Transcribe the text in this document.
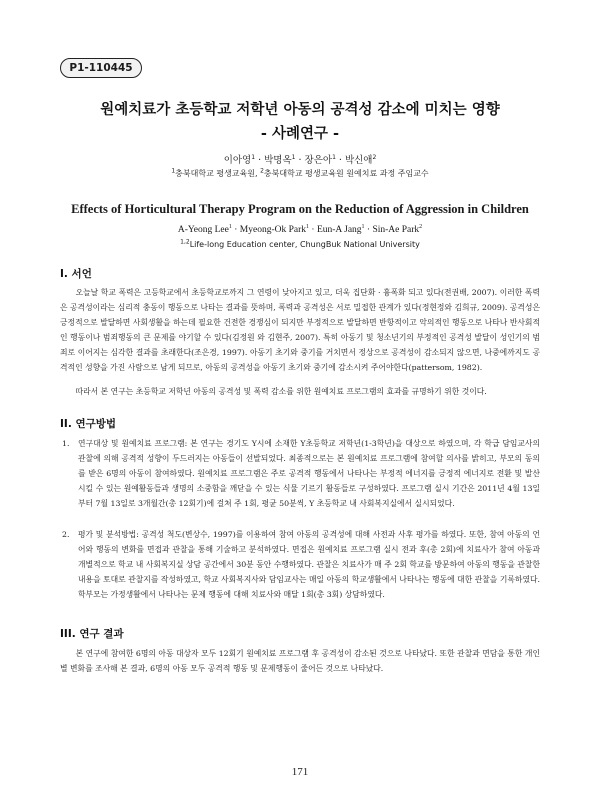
P1-110445
원예치료가 초등학교 저학년 아동의 공격성 감소에 미치는 영향
- 사례연구 -
이아영$^1$ · 박명옥$^1$ · 장은아$^1$ · 박신애$^2$
$^1$충북대학교 평생교육원, $^2$충북대학교 평생교육원 원예치료 과정 주임교수
Effects of Horticultural Therapy Program on the Reduction of Aggression in Children
A-Yeong Lee$^1$ · Myeong-Ok Park$^1$ · Eun-A Jang$^1$ · Sin-Ae Park$^2$
$^{1,2}$Life-long Education center, ChungBuk National University
I. 서언

오늘날 학교 폭력은 고등학교에서 초등학교로까지 그 연령이 낮아지고 있고, 더욱 집단화 · 흉폭화 되고 있다(전권배, 2007). 이러한 폭력은 공격성이라는 심리적 충동이 행동으로 나타는 결과를 뜻하며, 폭력과 공격성은 서로 밀접한 관계가 있다(정현정와 김희규, 2009). 공격성은 긍정적으로 발달하면 사회생활을 하는데 필요한 건전한 경쟁심이 되지만 부정적으로 발달하면 반항적이고 악의적인 행동으로 나타나 반사회적인 행동이나 범죄행동의 큰 문제를 야기할 수 있다(김정원 와 김현주, 2007). 특히 아동기 및 청소년기의 부정적인 공격성 발달이 성인기의 범죄로 이어지는 심각한 결과를 초래한다(조은경, 1997). 아동기 초기와 중기를 거치면서 정상으로 공격성이 감소되지 않으면, 나중에까지도 공격적인 성향을 가진 사람으로 남게 되므로, 아동의 공격성을 아동기 초기와 중기에 감소시켜 주어야한다(pattersom, 1982).

따라서 본 연구는 초등학교 저학년 아동의 공격성 및 폭력 감소를 위한 원예치료 프로그램의 효과를 규명하기 위한 것이다.

II. 연구방법
1.	연구대상 및 원예치료 프로그램: 본 연구는 경기도 Y시에 소재한 Y초등학교 저학년(1-3학년)을 대상으로 하였으며, 각 학급 담임교사의 관찰에 의해 공격적 성향이 두드러지는 아동들이 선발되었다. 최종적으로는 본 원예치료 프로그램에 참여할 의사를 밝히고, 부모의 동의를 받은 6명의 아동이 참여하였다. 원예치료 프로그램은 주로 공격적 행동에서 나타나는 부정적 에너지를 긍정적 에너지로 전환 및 발산시킬 수 있는 원예활동들과 생명의 소중함을 깨닫을 수 있는 식물 기르기 활동들로 구성하였다. 프로그램 실시 기간은 2011년 4월 13일부터 7월 13일로 3개월간(총 12회기)에 걸쳐 주 1회, 평균 50분씩, Y 초등학교 내 사회복지실에서 실시되었다.
2.	평가 및 분석방법: 공격성 척도(변상수, 1997)를 이용하여 참여 아동의 공격성에 대해 사전과 사후 평가를 하였다. 또한, 참여 아동의 언어와 행동의 변화를 면접과 관찰을 통해 기술하고 분석하였다. 면접은 원예치료 프로그램 실시 전과 후(총 2회)에 치료사가 참여 아동과 개별적으로 학교 내 사회복지실 상담 공간에서 30분 동안 수행하였다. 관찰은 치료사가 매 주 2회 학교를 방문하여 아동의 행동을 관찰한 내용을 토대로 관찰지를 작성하였고, 학교 사회복지사와 담임교사는 매일 아동의 학교생활에서 나타나는 행동에 대한 관찰을 기록하였다. 학부모는 가정생활에서 나타나는 문제 행동에 대해 치료사와 매달 1회(총 3회) 상담하였다.
III. 연구 결과

본 연구에 참여한 6명의 아동 대상자 모두 12회기 원예치료 프로그램 후 공격성이 감소된 것으로 나타났다. 또한 관찰과 면담을 통한 개인별 변화를 조사해 본 결과, 6명의 아동 모두 공격적 행동 및 문제행동이 줄어든 것으로 나타났다.

171
